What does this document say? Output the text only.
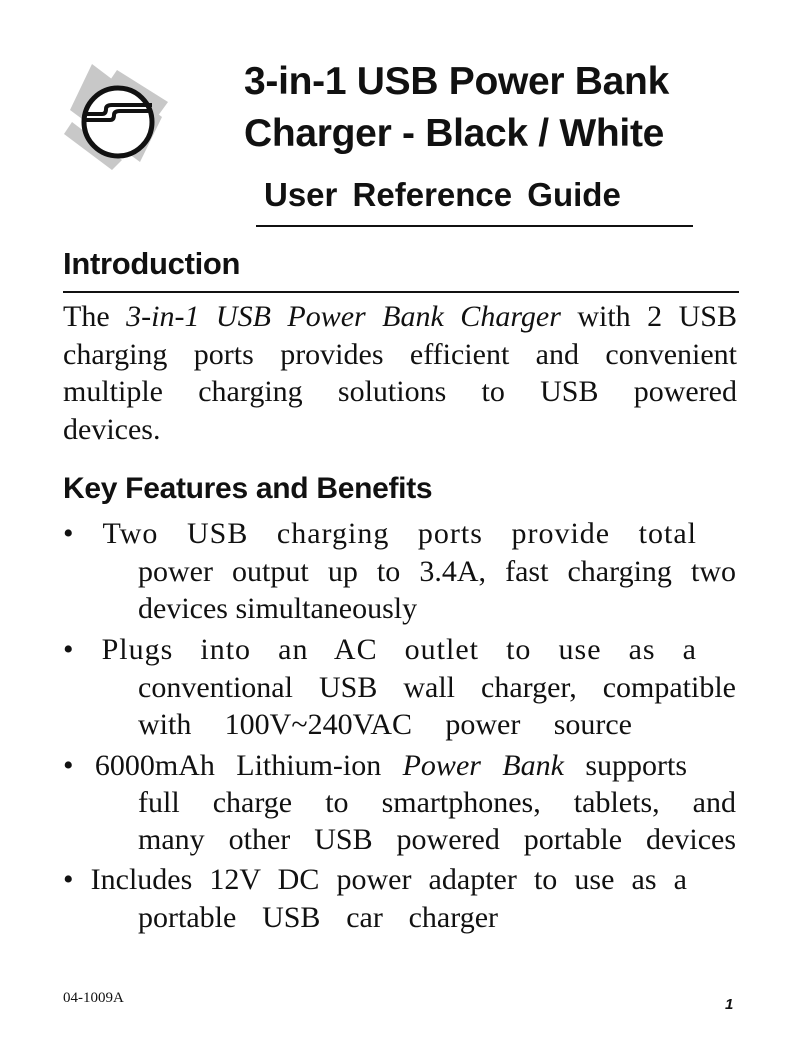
3-in-1 USB Power Bank
Charger - Black / White
User Reference Guide
Introduction
The 3-in-1 USB Power Bank Charger with 2 USB
charging ports provides efficient and convenient
multiple charging solutions to USB powered
devices.
Key Features and Benefits
• Two USB charging ports provide total
power output up to 3.4A, fast charging two
devices simultaneously
• Plugs into an AC outlet to use as a
conventional USB wall charger, compatible
with 100V~240VAC power source
• 6000mAh Lithium-ion Power Bank supports
full charge to smartphones, tablets, and
many other USB powered portable devices
• Includes 12V DC power adapter to use as a
portable USB car charger
04-1009A	1
